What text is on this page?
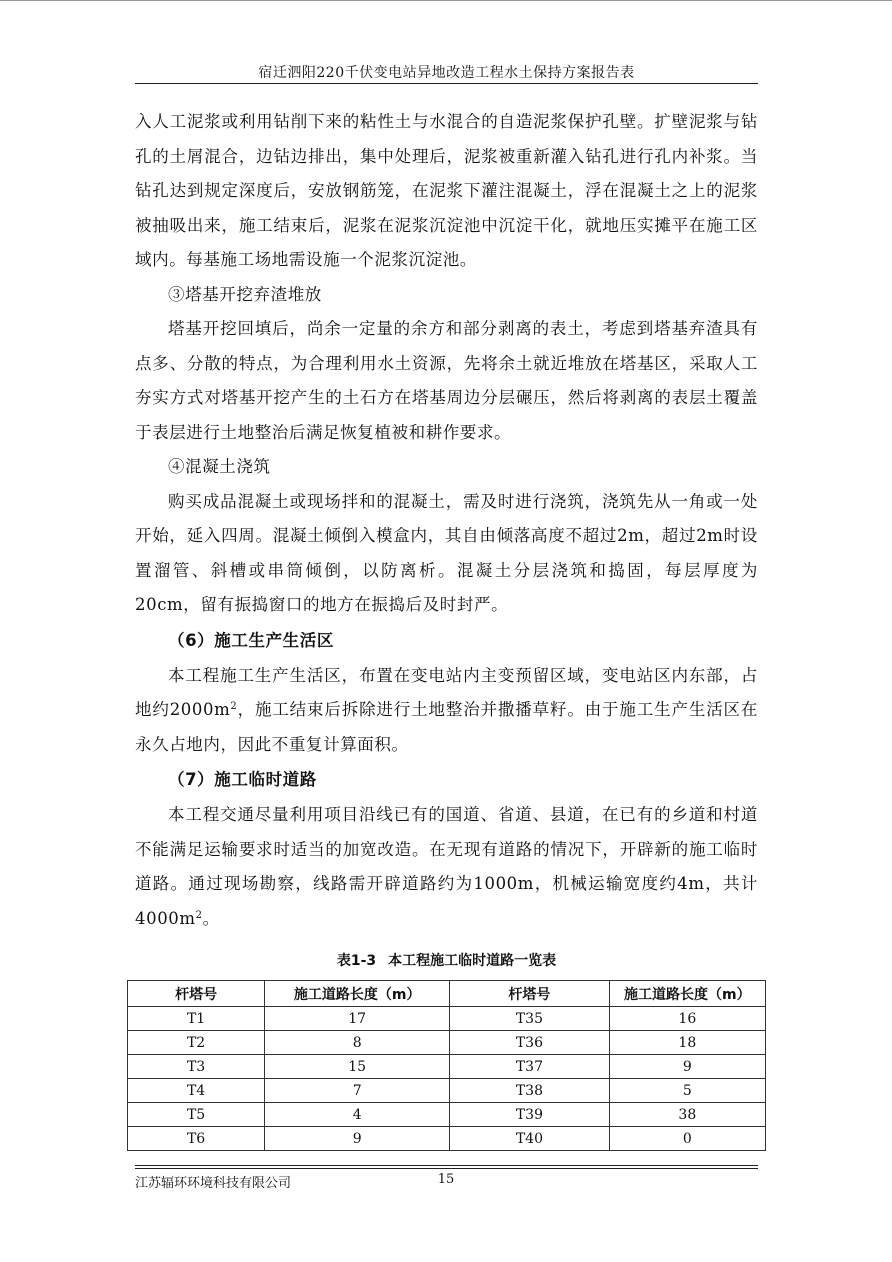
宿迁泗阳220千伏变电站异地改造工程水土保持方案报告表

入人工泥浆或利用钻削下来的粘性土与水混合的自造泥浆保护孔壁。扩壁泥浆与钻孔的土屑混合，边钻边排出，集中处理后，泥浆被重新灌入钻孔进行孔内补浆。当钻孔达到规定深度后，安放钢筋笼，在泥浆下灌注混凝土，浮在混凝土之上的泥浆被抽吸出来，施工结束后，泥浆在泥浆沉淀池中沉淀干化，就地压实摊平在施工区域内。每基施工场地需设施一个泥浆沉淀池。

③塔基开挖弃渣堆放

塔基开挖回填后，尚余一定量的余方和部分剥离的表土，考虑到塔基弃渣具有点多、分散的特点，为合理利用水土资源，先将余土就近堆放在塔基区，采取人工夯实方式对塔基开挖产生的土石方在塔基周边分层碾压，然后将剥离的表层土覆盖于表层进行土地整治后满足恢复植被和耕作要求。

④混凝土浇筑

购买成品混凝土或现场拌和的混凝土，需及时进行浇筑，浇筑先从一角或一处开始，延入四周。混凝土倾倒入模盒内，其自由倾落高度不超过2m，超过2m时设置溜管、斜槽或串筒倾倒，以防离析。混凝土分层浇筑和捣固，每层厚度为20cm，留有振捣窗口的地方在振捣后及时封严。

（6）施工生产生活区

本工程施工生产生活区，布置在变电站内主变预留区域，变电站区内东部，占地约$2000m^2$，施工结束后拆除进行土地整治并撒播草籽。由于施工生产生活区在永久占地内，因此不重复计算面积。

（7）施工临时道路

本工程交通尽量利用项目沿线已有的国道、省道、县道，在已有的乡道和村道不能满足运输要求时适当的加宽改造。在无现有道路的情况下，开辟新的施工临时道路。通过现场勘察，线路需开辟道路约为1000m，机械运输宽度约4m，共计$4000m^2$。

表1-3 本工程施工临时道路一览表
杆塔号	施工道路长度（m）	杆塔号	施工道路长度（m）
T1	17	T35	16
T2	8	T36	18
T3	15	T37	9
T4	7	T38	5
T5	4	T39	38
T6	9	T40	0
江苏辐环环境科技有限公司	15
